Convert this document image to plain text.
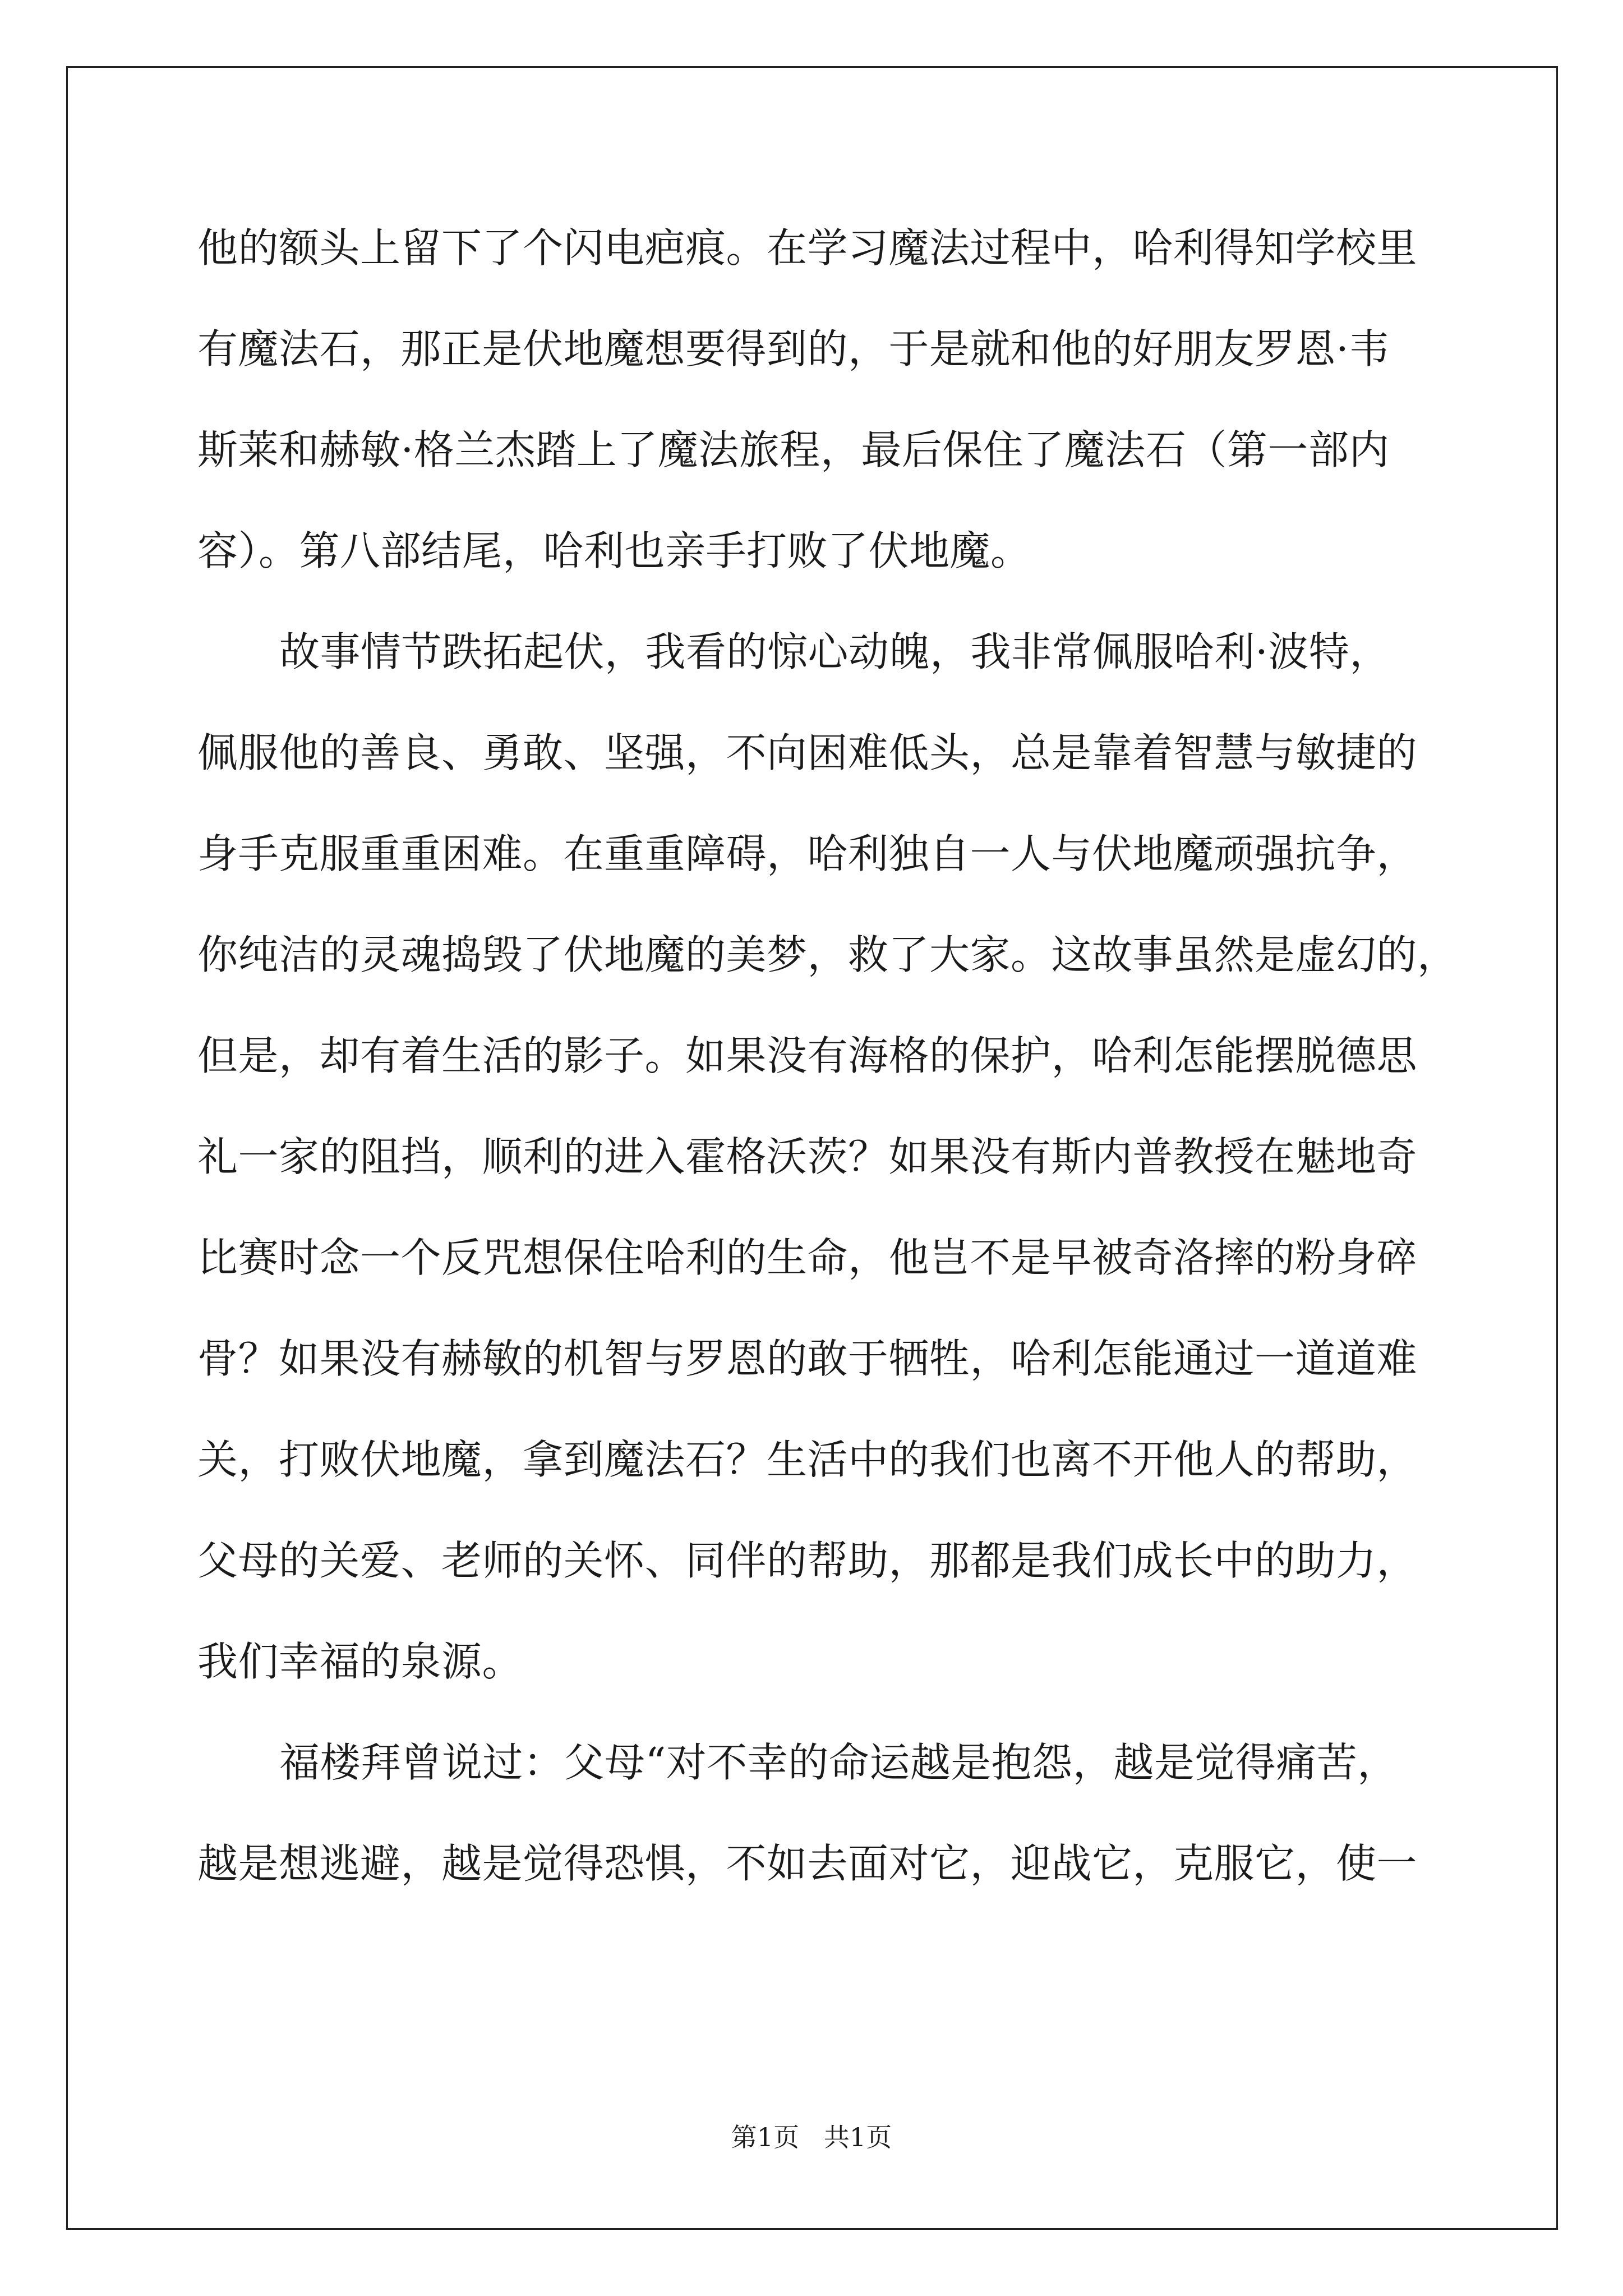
他的额头上留下了个闪电疤痕。在学习魔法过程中，哈利得知学校里
有魔法石，那正是伏地魔想要得到的，于是就和他的好朋友罗恩·韦
斯莱和赫敏·格兰杰踏上了魔法旅程，最后保住了魔法石（第一部内
容）。第八部结尾，哈利也亲手打败了伏地魔。
故事情节跌拓起伏，我看的惊心动魄，我非常佩服哈利·波特，
佩服他的善良、勇敢、坚强，不向困难低头，总是靠着智慧与敏捷的
身手克服重重困难。在重重障碍，哈利独自一人与伏地魔顽强抗争，
你纯洁的灵魂捣毁了伏地魔的美梦，救了大家。这故事虽然是虚幻的，
但是，却有着生活的影子。如果没有海格的保护，哈利怎能摆脱德思
礼一家的阻挡，顺利的进入霍格沃茨？如果没有斯内普教授在魅地奇
比赛时念一个反咒想保住哈利的生命，他岂不是早被奇洛摔的粉身碎
骨？如果没有赫敏的机智与罗恩的敢于牺牲，哈利怎能通过一道道难
关，打败伏地魔，拿到魔法石？生活中的我们也离不开他人的帮助，
父母的关爱、老师的关怀、同伴的帮助，那都是我们成长中的助力，
我们幸福的泉源。
福楼拜曾说过：父母“对不幸的命运越是抱怨，越是觉得痛苦，
越是想逃避，越是觉得恐惧，不如去面对它，迎战它，克服它，使一
第1页   共1页
